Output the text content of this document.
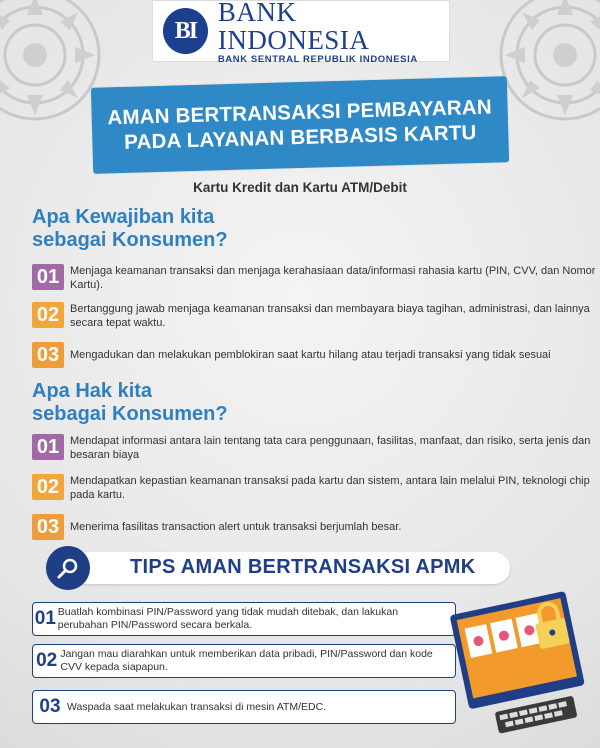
BI
BANK INDONESIA
BANK SENTRAL REPUBLIK INDONESIA
AMAN BERTRANSAKSI PEMBAYARAN
PADA LAYANAN BERBASIS KARTU
Kartu Kredit dan Kartu ATM/Debit
Apa Kewajiban kita
sebagai Konsumen?
01 Menjaga keamanan transaksi dan menjaga kerahasiaan data/informasi rahasia kartu (PIN, CVV, dan Nomor Kartu).
02 Bertanggung jawab menjaga keamanan transaksi dan membayara biaya tagihan, administrasi, dan lainnya secara tepat waktu.
03 Mengadukan dan melakukan pemblokiran saat kartu hilang atau terjadi transaksi yang tidak sesuai
Apa Hak kita
sebagai Konsumen?
01 Mendapat informasi antara lain tentang tata cara penggunaan, fasilitas, manfaat, dan risiko, serta jenis dan besaran biaya
02 Mendapatkan kepastian keamanan transaksi pada kartu dan sistem, antara lain melalui PIN, teknologi chip pada kartu.
03 Menerima fasilitas transaction alert untuk transaksi berjumlah besar.
TIPS AMAN BERTRANSAKSI APMK
01 Buatlah kombinasi PIN/Password yang tidak mudah ditebak, dan lakukan perubahan PIN/Password secara berkala.
02 Jangan mau diarahkan untuk memberikan data pribadi, PIN/Password dan kode CVV kepada siapapun.
03 Waspada saat melakukan transaksi di mesin ATM/EDC.
